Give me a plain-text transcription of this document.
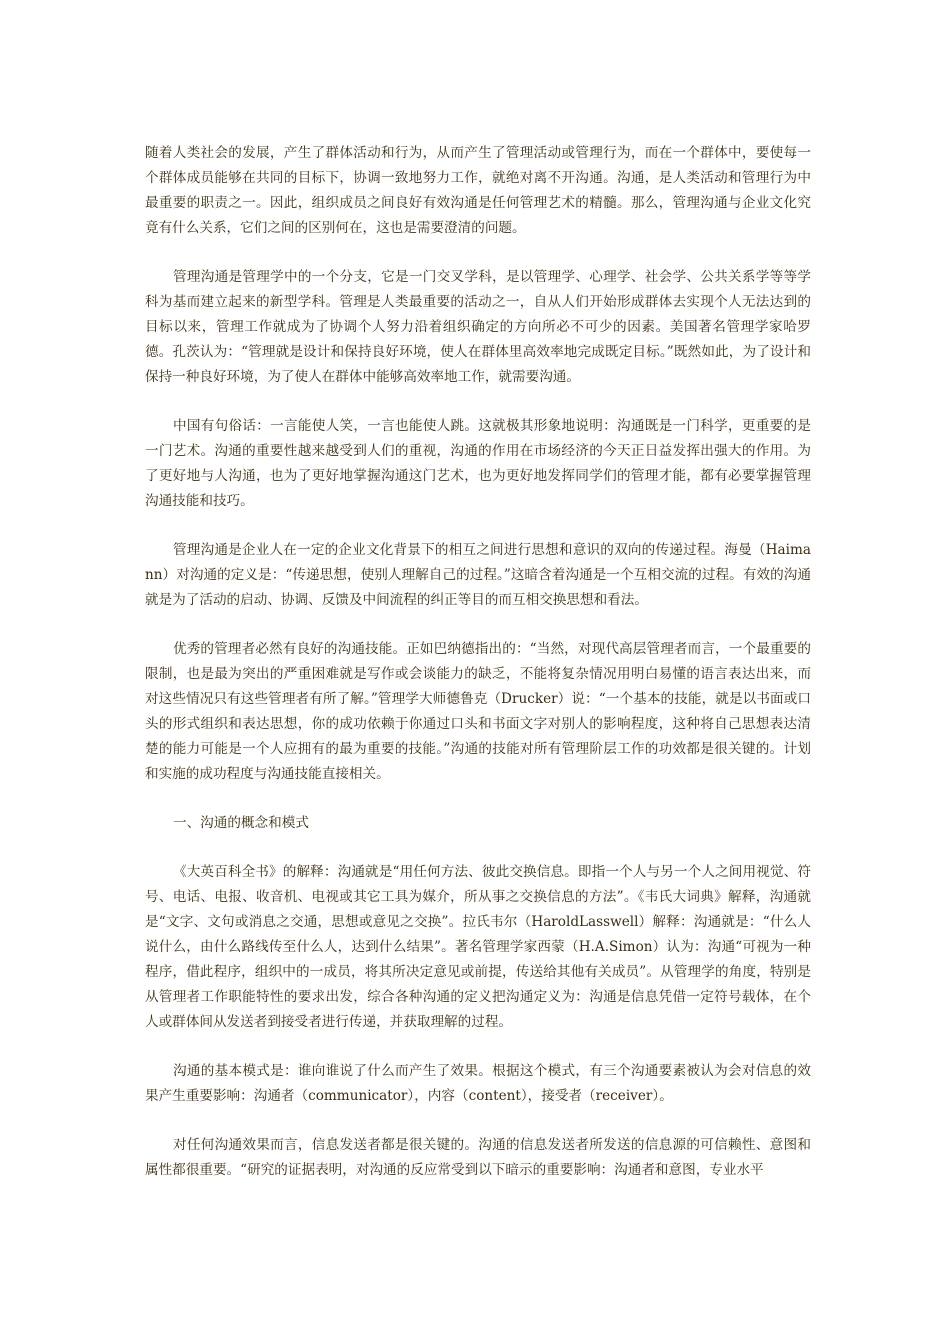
随着人类社会的发展，产生了群体活动和行为，从而产生了管理活动或管理行为，而在一个群体中，要使每一个群体成员能够在共同的目标下，协调一致地努力工作，就绝对离不开沟通。沟通，是人类活动和管理行为中最重要的职责之一。因此，组织成员之间良好有效沟通是任何管理艺术的精髓。那么，管理沟通与企业文化究竟有什么关系，它们之间的区别何在，这也是需要澄清的问题。

管理沟通是管理学中的一个分支，它是一门交叉学科，是以管理学、心理学、社会学、公共关系学等等学科为基而建立起来的新型学科。管理是人类最重要的活动之一，自从人们开始形成群体去实现个人无法达到的目标以来，管理工作就成为了协调个人努力沿着组织确定的方向所必不可少的因素。美国著名管理学家哈罗德。孔茨认为：“管理就是设计和保持良好环境，使人在群体里高效率地完成既定目标。”既然如此，为了设计和保持一种良好环境，为了使人在群体中能够高效率地工作，就需要沟通。

中国有句俗话：一言能使人笑，一言也能使人跳。这就极其形象地说明：沟通既是一门科学，更重要的是一门艺术。沟通的重要性越来越受到人们的重视，沟通的作用在市场经济的今天正日益发挥出强大的作用。为了更好地与人沟通，也为了更好地掌握沟通这门艺术，也为更好地发挥同学们的管理才能，都有必要掌握管理沟通技能和技巧。

管理沟通是企业人在一定的企业文化背景下的相互之间进行思想和意识的双向的传递过程。海曼（Haimann）对沟通的定义是：“传递思想，使别人理解自己的过程。”这暗含着沟通是一个互相交流的过程。有效的沟通就是为了活动的启动、协调、反馈及中间流程的纠正等目的而互相交换思想和看法。

优秀的管理者必然有良好的沟通技能。正如巴纳德指出的：“当然，对现代高层管理者而言，一个最重要的限制，也是最为突出的严重困难就是写作或会谈能力的缺乏，不能将复杂情况用明白易懂的语言表达出来，而对这些情况只有这些管理者有所了解。”管理学大师德鲁克（Drucker）说：“一个基本的技能，就是以书面或口头的形式组织和表达思想，你的成功依赖于你通过口头和书面文字对别人的影响程度，这种将自己思想表达清楚的能力可能是一个人应拥有的最为重要的技能。”沟通的技能对所有管理阶层工作的功效都是很关键的。计划和实施的成功程度与沟通技能直接相关。

一、沟通的概念和模式

《大英百科全书》的解释：沟通就是“用任何方法、彼此交换信息。即指一个人与另一个人之间用视觉、符号、电话、电报、收音机、电视或其它工具为媒介，所从事之交换信息的方法”。《韦氏大词典》解释，沟通就是“文字、文句或消息之交通，思想或意见之交换”。拉氏韦尔（HaroldLasswell）解释：沟通就是：“什么人说什么，由什么路线传至什么人，达到什么结果”。著名管理学家西蒙（H.A.Simon）认为：沟通“可视为一种程序，借此程序，组织中的一成员，将其所决定意见或前提，传送给其他有关成员”。从管理学的角度，特别是从管理者工作职能特性的要求出发，综合各种沟通的定义把沟通定义为：沟通是信息凭借一定符号载体，在个人或群体间从发送者到接受者进行传递，并获取理解的过程。

沟通的基本模式是：谁向谁说了什么而产生了效果。根据这个模式，有三个沟通要素被认为会对信息的效果产生重要影响：沟通者（communicator），内容（content），接受者（receiver）。

对任何沟通效果而言，信息发送者都是很关键的。沟通的信息发送者所发送的信息源的可信赖性、意图和属性都很重要。“研究的证据表明，对沟通的反应常受到以下暗示的重要影响：沟通者和意图，专业水平
